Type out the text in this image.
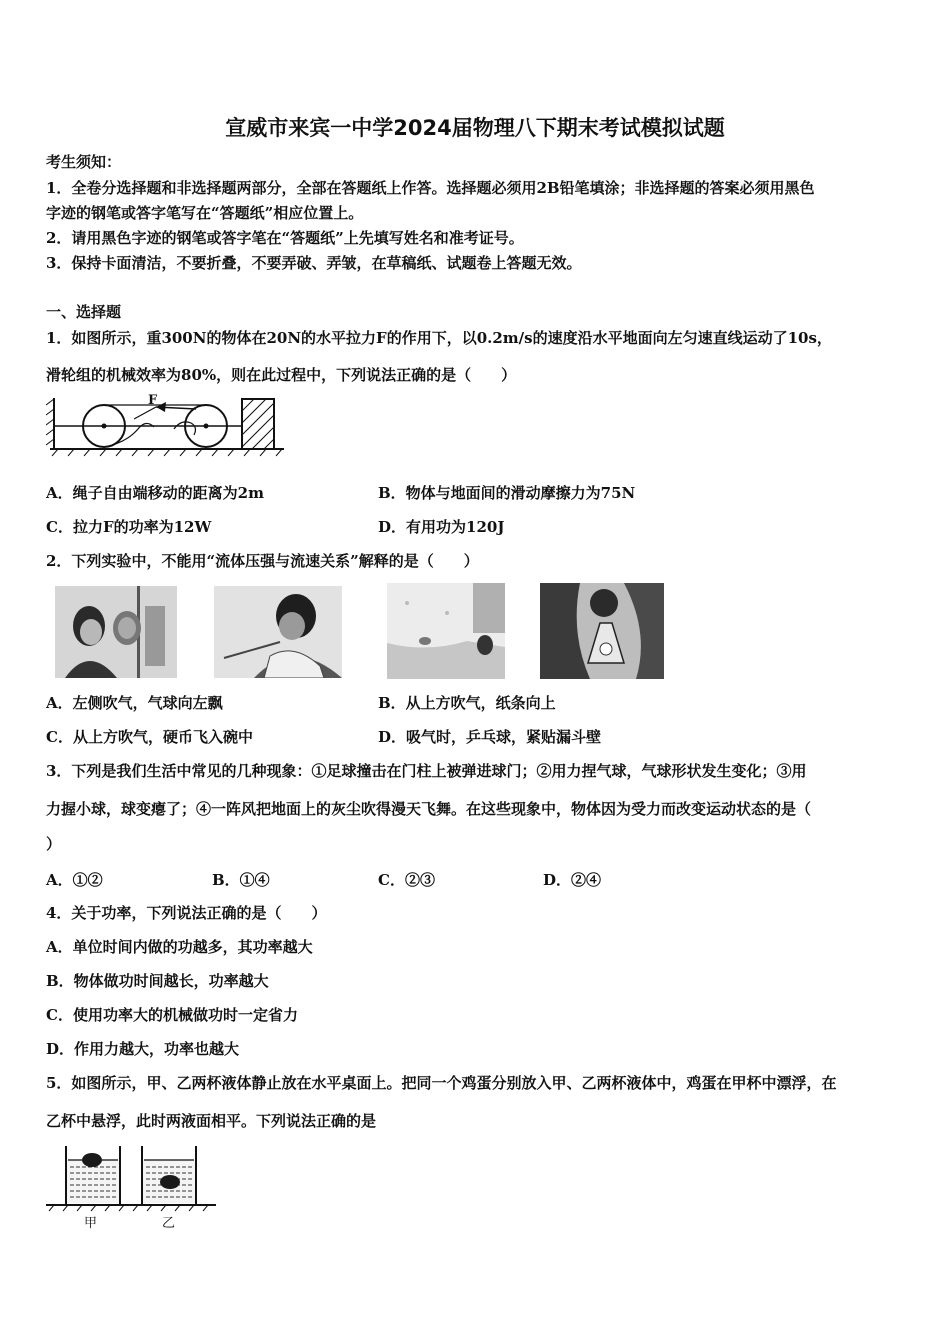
宣威市来宾一中学2024届物理八下期末考试模拟试题
考生须知：
1．全卷分选择题和非选择题两部分，全部在答题纸上作答。选择题必须用2B铅笔填涂；非选择题的答案必须用黑色
字迹的钢笔或答字笔写在“答题纸”相应位置上。
2．请用黑色字迹的钢笔或答字笔在“答题纸”上先填写姓名和准考证号。
3．保持卡面清洁，不要折叠，不要弄破、弄皱，在草稿纸、试题卷上答题无效。
一、选择题
1．如图所示，重300N的物体在20N的水平拉力F的作用下，以0.2m/s的速度沿水平地面向左匀速直线运动了10s，
滑轮组的机械效率为80%，则在此过程中，下列说法正确的是（　　）
F
A．绳子自由端移动的距离为2m	B．物体与地面间的滑动摩擦力为75N
C．拉力F的功率为12W	D．有用功为120J
2．下列实验中，不能用“流体压强与流速关系”解释的是（　　）
A．左侧吹气，气球向左飘	B．从上方吹气，纸条向上
C．从上方吹气，硬币飞入碗中	D．吸气时，乒乓球，紧贴漏斗壁
3．下列是我们生活中常见的几种现象：①足球撞击在门柱上被弹进球门；②用力捏气球，气球形状发生变化；③用
力握小球，球变瘪了；④一阵风把地面上的灰尘吹得漫天飞舞。在这些现象中，物体因为受力而改变运动状态的是（
）
A．①②	B．①④	C．②③	D．②④
4．关于功率，下列说法正确的是（　　）
A．单位时间内做的功越多，其功率越大
B．物体做功时间越长，功率越大
C．使用功率大的机械做功时一定省力
D．作用力越大，功率也越大
5．如图所示，甲、乙两杯液体静止放在水平桌面上。把同一个鸡蛋分别放入甲、乙两杯液体中，鸡蛋在甲杯中漂浮，在
乙杯中悬浮，此时两液面相平。下列说法正确的是
甲	乙
